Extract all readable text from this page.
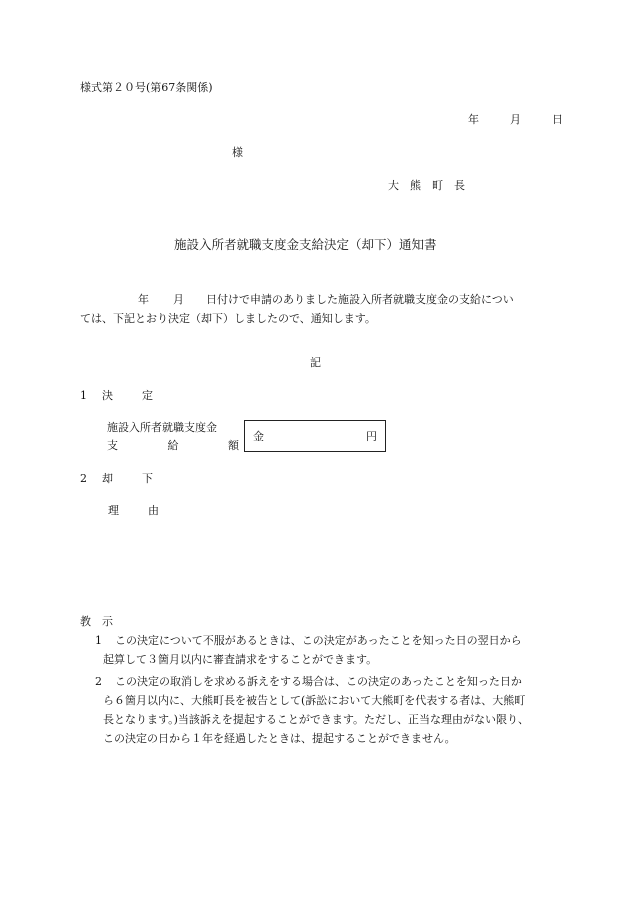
様式第２０号(第67条関係)
年	月	日
様
大　熊　町　長
施設入所者就職支度金支給決定（却下）通知書
年 月 日付けで申請のありました施設入所者就職支度金の支給につい
ては、下記とおり決定（却下）しましたので、通知します。
記
1 決	定
施設入所者就職支度金
支	給	額
金	円
2 却	下
理	由
教　示
1 この決定について不服があるときは、この決定があったことを知った日の翌日から
起算して３箇月以内に審査請求をすることができます。
2 この決定の取消しを求める訴えをする場合は、この決定のあったことを知った日か
ら６箇月以内に、大熊町長を被告として(訴訟において大熊町を代表する者は、大熊町
長となります。)当該訴えを提起することができます。ただし、正当な理由がない限り、
この決定の日から１年を経過したときは、提起することができません。
